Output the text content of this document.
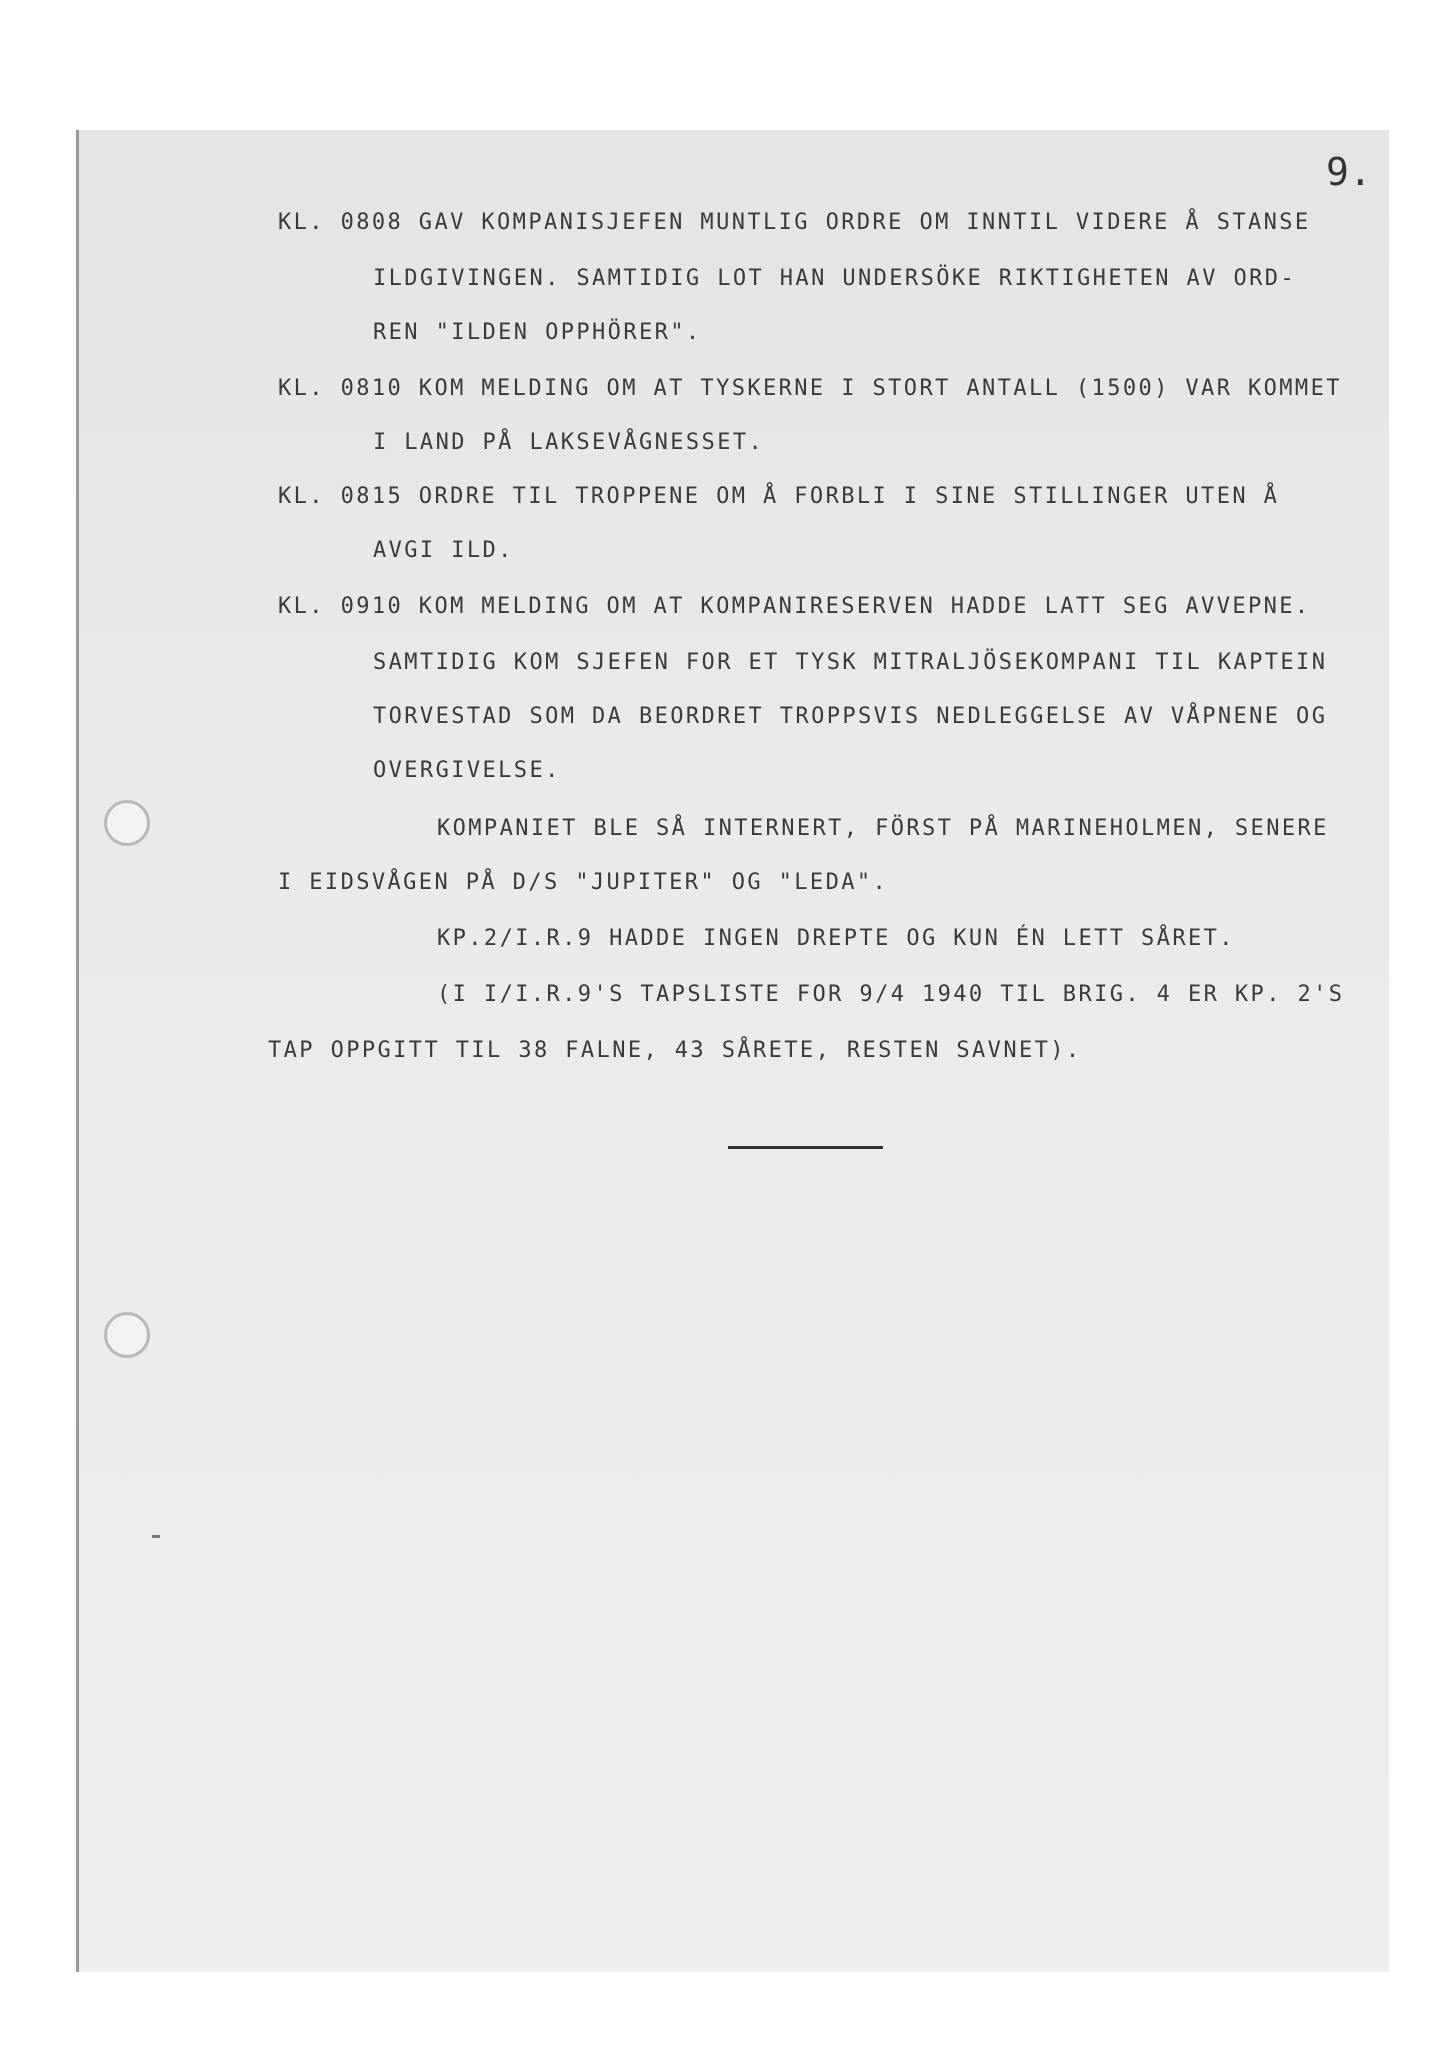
9.
KL. 0808 GAV KOMPANISJEFEN MUNTLIG ORDRE OM INNTIL VIDERE Å STANSE
ILDGIVINGEN. SAMTIDIG LOT HAN UNDERSÖKE RIKTIGHETEN AV ORD-
REN "ILDEN OPPHÖRER".
KL. 0810 KOM MELDING OM AT TYSKERNE I STORT ANTALL (1500) VAR KOMMET
I LAND PÅ LAKSEVÅGNESSET.
KL. 0815 ORDRE TIL TROPPENE OM Å FORBLI I SINE STILLINGER UTEN Å
AVGI ILD.
KL. 0910 KOM MELDING OM AT KOMPANIRESERVEN HADDE LATT SEG AVVEPNE.
SAMTIDIG KOM SJEFEN FOR ET TYSK MITRALJÖSEKOMPANI TIL KAPTEIN
TORVESTAD SOM DA BEORDRET TROPPSVIS NEDLEGGELSE AV VÅPNENE OG
OVERGIVELSE.
KOMPANIET BLE SÅ INTERNERT, FÖRST PÅ MARINEHOLMEN, SENERE
I EIDSVÅGEN PÅ D/S "JUPITER" OG "LEDA".
KP.2/I.R.9 HADDE INGEN DREPTE OG KUN ÉN LETT SÅRET.
(I I/I.R.9'S TAPSLISTE FOR 9/4 1940 TIL BRIG. 4 ER KP. 2'S
TAP OPPGITT TIL 38 FALNE, 43 SÅRETE, RESTEN SAVNET).
